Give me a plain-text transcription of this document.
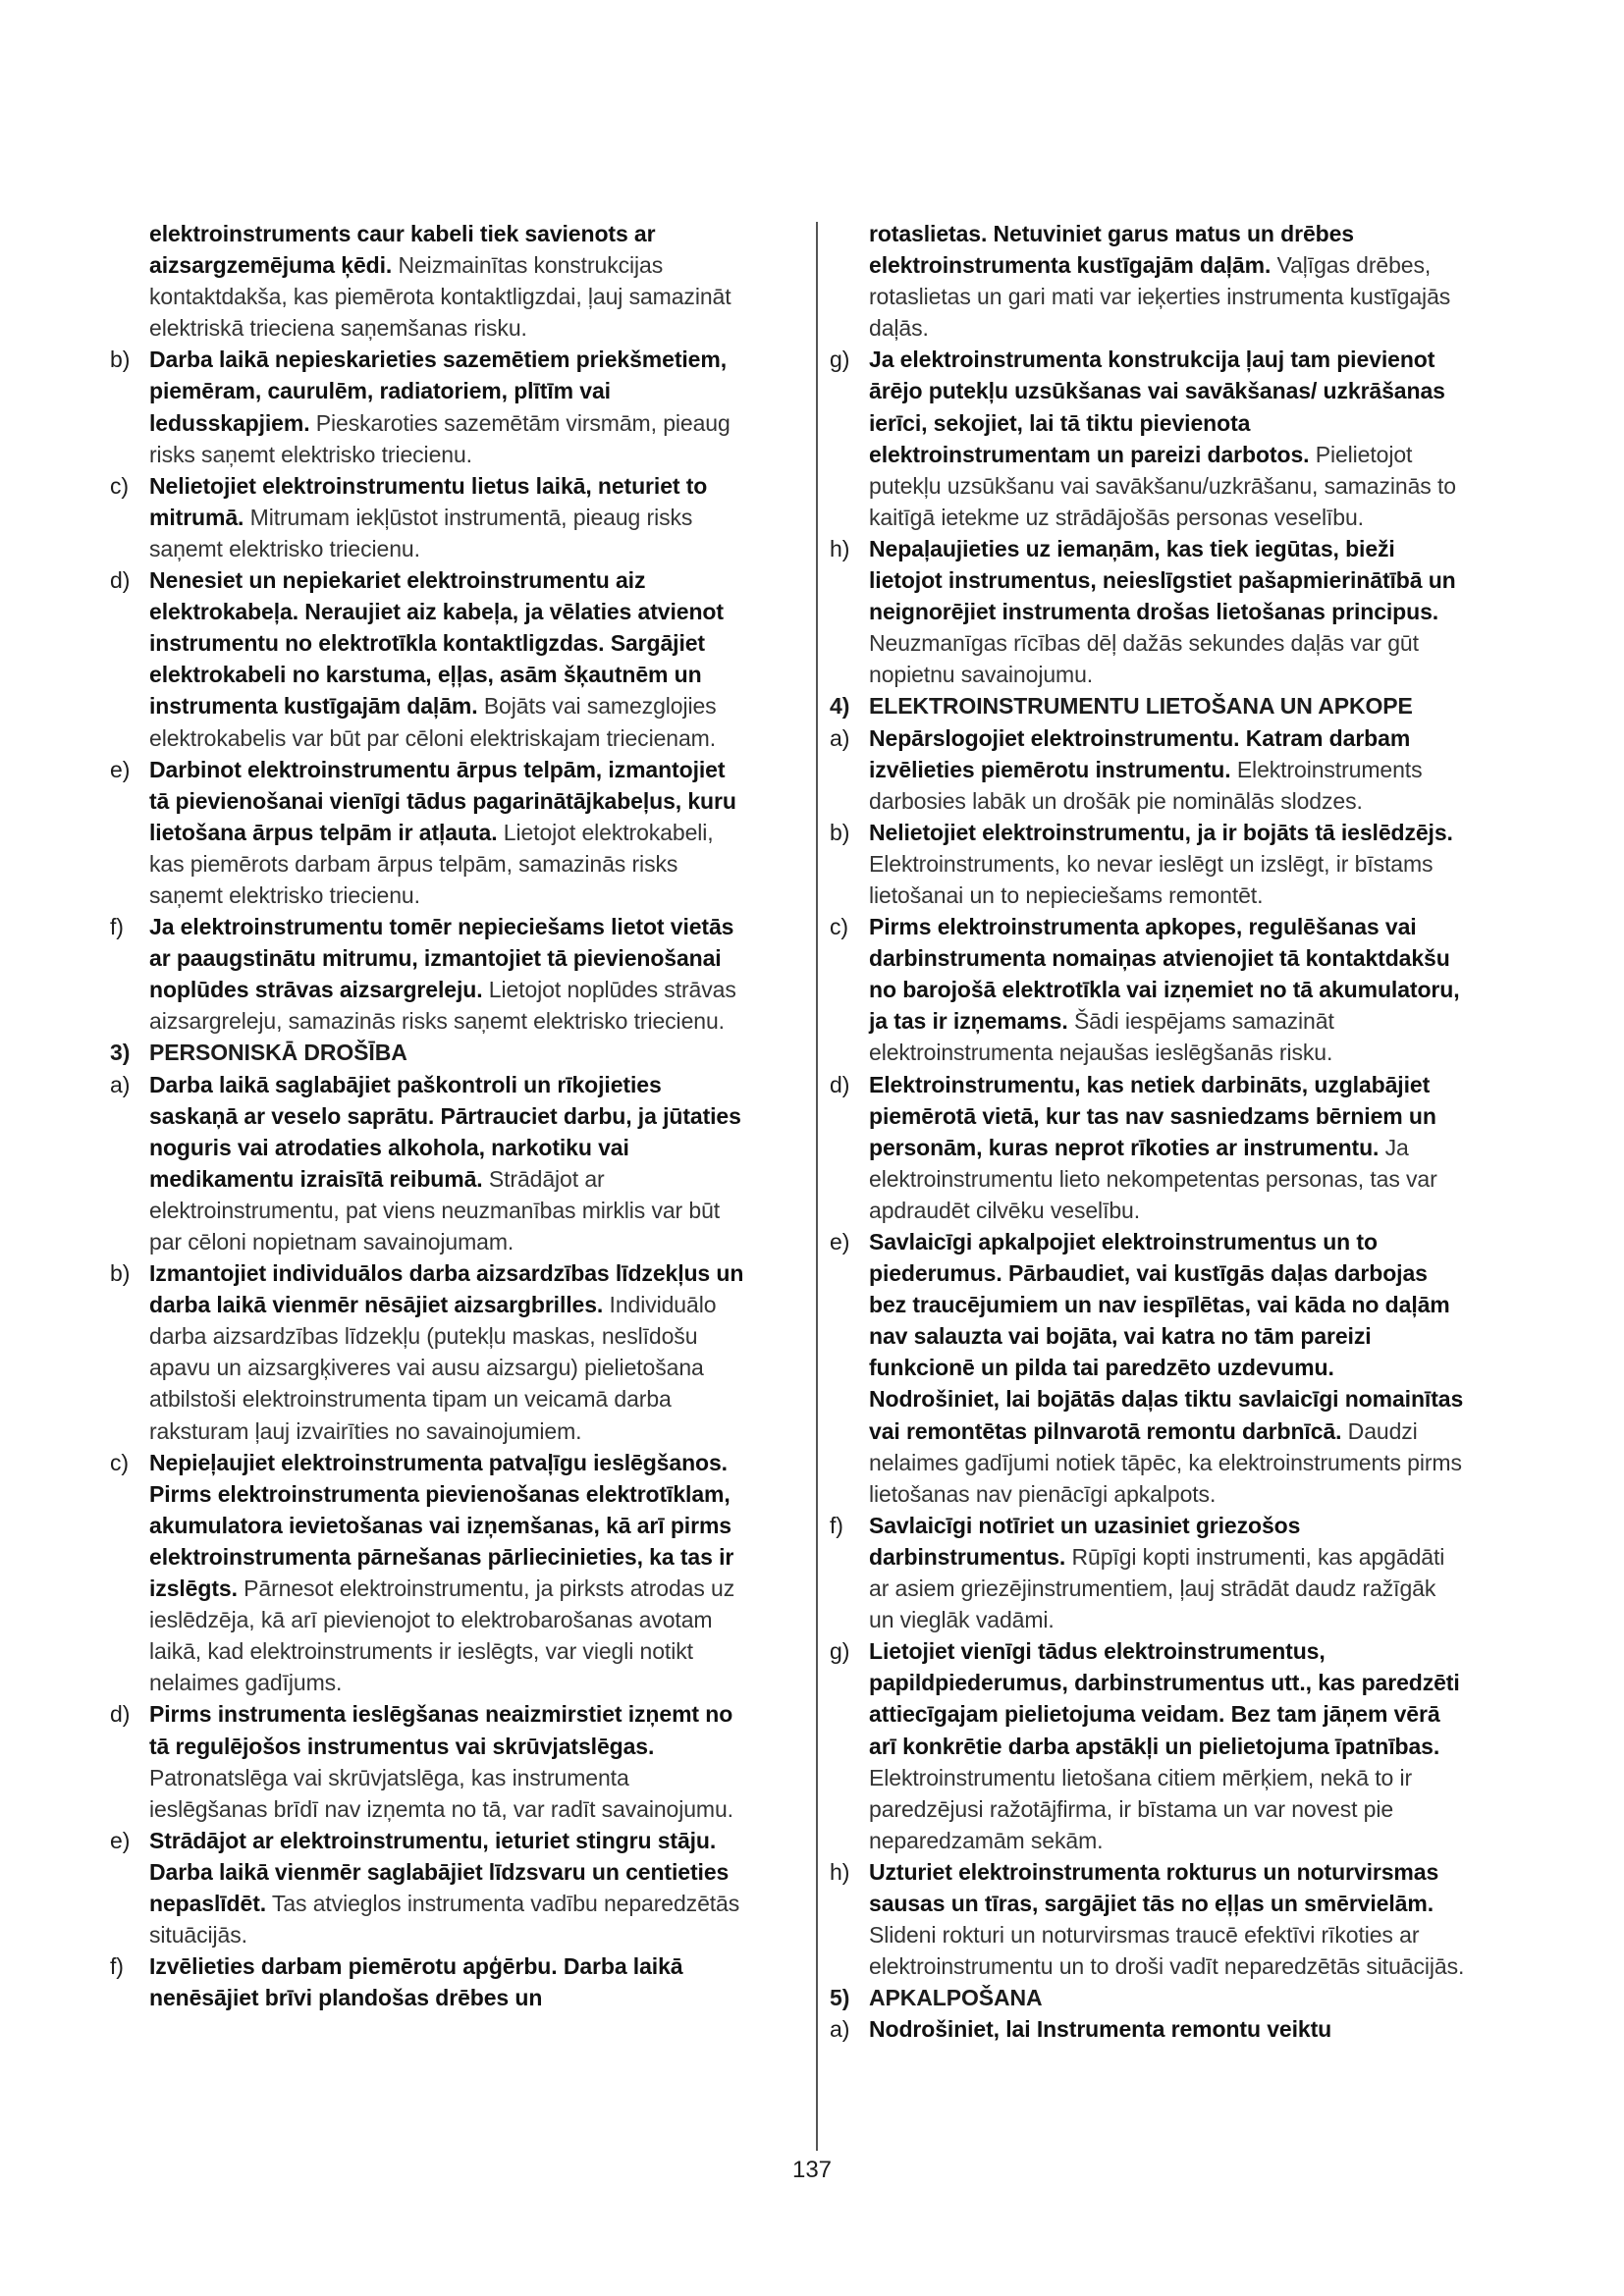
elektroinstruments caur kabeli tiek savienots ar aizsargzemējuma ķēdi. Neizmainītas konstrukcijas kontaktdakša, kas piemērota kontaktligzdai, ļauj samazināt elektriskā trieciena saņemšanas risku.
b) Darba laikā nepieskarieties sazemētiem priekšmetiem, piemēram, caurulēm, radiatoriem, plītīm vai ledusskapjiem. Pieskaroties sazemētām virsmām, pieaug risks saņemt elektrisko triecienu.
c) Nelietojiet elektroinstrumentu lietus laikā, neturiet to mitrumā. Mitrumam iekļūstot instrumentā, pieaug risks saņemt elektrisko triecienu.
d) Nenesiet un nepiekariet elektroinstrumentu aiz elektrokabeļa. Neraujiet aiz kabeļa, ja vēlaties atvienot instrumentu no elektrotīkla kontaktligzdas. Sargājiet elektrokabeli no karstuma, eļļas, asām šķautnēm un instrumenta kustīgajām daļām. Bojāts vai samezglojies elektrokabelis var būt par cēloni elektriskajam triecienam.
e) Darbinot elektroinstrumentu ārpus telpām, izmantojiet tā pievienošanai vienīgi tādus pagarinātājkabeļus, kuru lietošana ārpus telpām ir atļauta. Lietojot elektrokabeli, kas piemērots darbam ārpus telpām, samazinās risks saņemt elektrisko triecienu.
f) Ja elektroinstrumentu tomēr nepieciešams lietot vietās ar paaugstinātu mitrumu, izmantojiet tā pievienošanai noplūdes strāvas aizsargreleju. Lietojot noplūdes strāvas aizsargreleju, samazinās risks saņemt elektrisko triecienu.
3) PERSONISKĀ DROŠĪBA
a) Darba laikā saglabājiet paškontroli un rīkojieties saskaņā ar veselo saprātu. Pārtrauciet darbu, ja jūtaties noguris vai atrodaties alkohola, narkotiku vai medikamentu izraisītā reibumā. Strādājot ar elektroinstrumentu, pat viens neuzmanības mirklis var būt par cēloni nopietnam savainojumam.
b) Izmantojiet individuālos darba aizsardzības līdzekļus un darba laikā vienmēr nēsājiet aizsargbrilles. Individuālo darba aizsardzības līdzekļu (putekļu maskas, neslīdošu apavu un aizsargķiveres vai ausu aizsargu) pielietošana atbilstoši elektroinstrumenta tipam un veicamā darba raksturam ļauj izvairīties no savainojumiem.
c) Nepieļaujiet elektroinstrumenta patvaļīgu ieslēgšanos. Pirms elektroinstrumenta pievienošanas elektrotīklam, akumulatora ievietošanas vai izņemšanas, kā arī pirms elektroinstrumenta pārnešanas pārliecinieties, ka tas ir izslēgts. Pārnesot elektroinstrumentu, ja pirksts atrodas uz ieslēdzēja, kā arī pievienojot to elektrobarošanas avotam laikā, kad elektroinstruments ir ieslēgts, var viegli notikt nelaimes gadījums.
d) Pirms instrumenta ieslēgšanas neaizmirstiet izņemt no tā regulējošos instrumentus vai skrūvjatslēgas. Patronatslēga vai skrūvjatslēga, kas instrumenta ieslēgšanas brīdī nav izņemta no tā, var radīt savainojumu.
e) Strādājot ar elektroinstrumentu, ieturiet stingru stāju. Darba laikā vienmēr saglabājiet līdzsvaru un centieties nepaslīdēt. Tas atvieglos instrumenta vadību neparedzētās situācijās.
f) Izvēlieties darbam piemērotu apģērbu. Darba laikā nenēsājiet brīvi plandošas drēbes un
rotaslietas. Netuviniet garus matus un drēbes elektroinstrumenta kustīgajām daļām. Vaļīgas drēbes, rotaslietas un gari mati var ieķerties instrumenta kustīgajās daļās.
g) Ja elektroinstrumenta konstrukcija ļauj tam pievienot ārējo putekļu uzsūkšanas vai savākšanas/ uzkrāšanas ierīci, sekojiet, lai tā tiktu pievienota elektroinstrumentam un pareizi darbotos. Pielietojot putekļu uzsūkšanu vai savākšanu/uzkrāšanu, samazinās to kaitīgā ietekme uz strādājošās personas veselību.
h) Nepaļaujieties uz iemaņām, kas tiek iegūtas, bieži lietojot instrumentus, neieslīgstiet pašapmierinātībā un neignorējiet instrumenta drošas lietošanas principus. Neuzmanīgas rīcības dēļ dažās sekundes daļās var gūt nopietnu savainojumu.
4) ELEKTROINSTRUMENTU LIETOŠANA UN APKOPE
a) Nepārslogojiet elektroinstrumentu. Katram darbam izvēlieties piemērotu instrumentu. Elektroinstruments darbosies labāk un drošāk pie nominālās slodzes.
b) Nelietojiet elektroinstrumentu, ja ir bojāts tā ieslēdzējs. Elektroinstruments, ko nevar ieslēgt un izslēgt, ir bīstams lietošanai un to nepieciešams remontēt.
c) Pirms elektroinstrumenta apkopes, regulēšanas vai darbinstrumenta nomaiņas atvienojiet tā kontaktdakšu no barojošā elektrotīkla vai izņemiet no tā akumulatoru, ja tas ir izņemams. Šādi iespējams samazināt elektroinstrumenta nejaušas ieslēgšanās risku.
d) Elektroinstrumentu, kas netiek darbināts, uzglabājiet piemērotā vietā, kur tas nav sasniedzams bērniem un personām, kuras neprot rīkoties ar instrumentu. Ja elektroinstrumentu lieto nekompetentas personas, tas var apdraudēt cilvēku veselību.
e) Savlaicīgi apkalpojiet elektroinstrumentus un to piederumus. Pārbaudiet, vai kustīgās daļas darbojas bez traucējumiem un nav iespīlētas, vai kāda no daļām nav salauzta vai bojāta, vai katra no tām pareizi funkcionē un pilda tai paredzēto uzdevumu. Nodrošiniet, lai bojātās daļas tiktu savlaicīgi nomainītas vai remontētas pilnvarotā remontu darbnīcā. Daudzi nelaimes gadījumi notiek tāpēc, ka elektroinstruments pirms lietošanas nav pienācīgi apkalpots.
f) Savlaicīgi notīriet un uzasiniet griezošos darbinstrumentus. Rūpīgi kopti instrumenti, kas apgādāti ar asiem griezējinstrumentiem, ļauj strādāt daudz ražīgāk un vieglāk vadāmi.
g) Lietojiet vienīgi tādus elektroinstrumentus, papildpiederumus, darbinstrumentus utt., kas paredzēti attiecīgajam pielietojuma veidam. Bez tam jāņem vērā arī konkrētie darba apstākļi un pielietojuma īpatnības. Elektroinstrumentu lietošana citiem mērķiem, nekā to ir paredzējusi ražotājfirma, ir bīstama un var novest pie neparedzamām sekām.
h) Uzturiet elektroinstrumenta rokturus un noturvirsmas sausas un tīras, sargājiet tās no eļļas un smērvielām. Slideni rokturi un noturvirsmas traucē efektīvi rīkoties ar elektroinstrumentu un to droši vadīt neparedzētās situācijās.
5) APKALPOŠANA
a) Nodrošiniet, lai Instrumenta remontu veiktu
137
